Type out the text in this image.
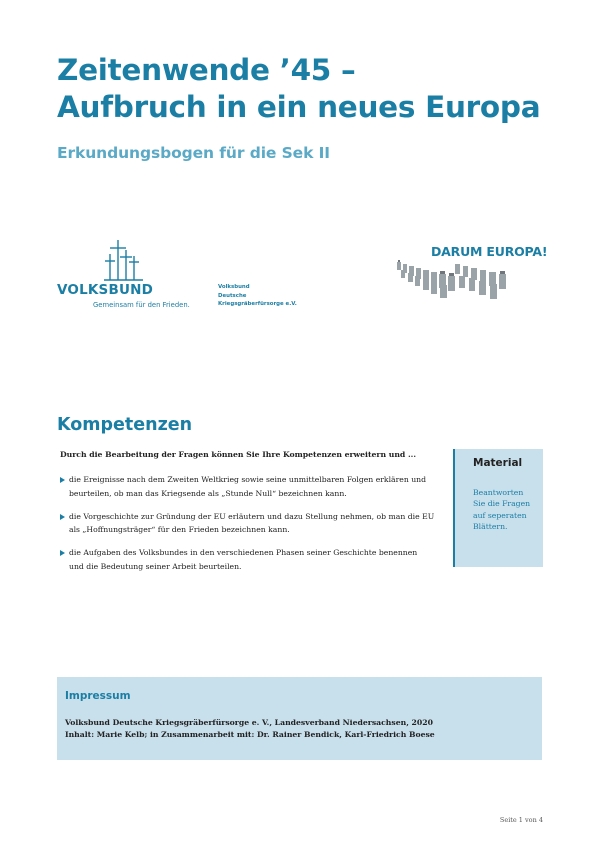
Zeitenwende ’45 –
Aufbruch in ein neues Europa
Erkundungsbogen für die Sek II
VOLKSBUND
Gemeinsam für den Frieden.
Volksbund
Deutsche
Kriegsgräberfürsorge e.V.
DARUM EUROPA!
Kompetenzen
Durch die Bearbeitung der Fragen können Sie Ihre Kompetenzen erweitern und ...
die Ereignisse nach dem Zweiten Weltkrieg sowie seine unmittelbaren Folgen erklären und
beurteilen, ob man das Kriegsende als „Stunde Null“ bezeichnen kann.
die Vorgeschichte zur Gründung der EU erläutern und dazu Stellung nehmen, ob man die EU
als „Hoffnungsträger“ für den Frieden bezeichnen kann.
die Aufgaben des Volksbundes in den verschiedenen Phasen seiner Geschichte benennen
und die Bedeutung seiner Arbeit beurteilen.
Material
Beantworten
Sie die Fragen
auf seperaten
Blättern.
Impressum
Volksbund Deutsche Kriegsgräberfürsorge e. V., Landesverband Niedersachsen, 2020
Inhalt: Marie Kelb; in Zusammenarbeit mit: Dr. Rainer Bendick, Karl-Friedrich Boese
Seite 1 von 4
